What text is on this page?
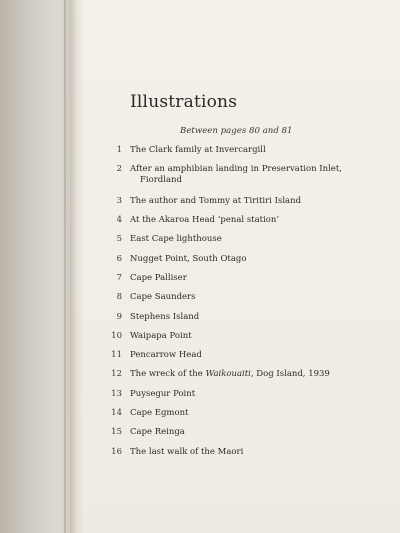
Illustrations
Between pages 80 and 81
1 The Clark family at Invercargill
2 After an amphibian landing in Preservation Inlet,
Fiordland
3 The author and Tommy at Tiritiri Island
4 At the Akaroa Head ‘penal station’
5 East Cape lighthouse
6 Nugget Point, South Otago
7 Cape Palliser
8 Cape Saunders
9 Stephens Island
10 Waipapa Point
11 Pencarrow Head
12 The wreck of the Waikouaiti, Dog Island, 1939
13 Puysegur Point
14 Cape Egmont
15 Cape Reinga
16 The last walk of the Maori
